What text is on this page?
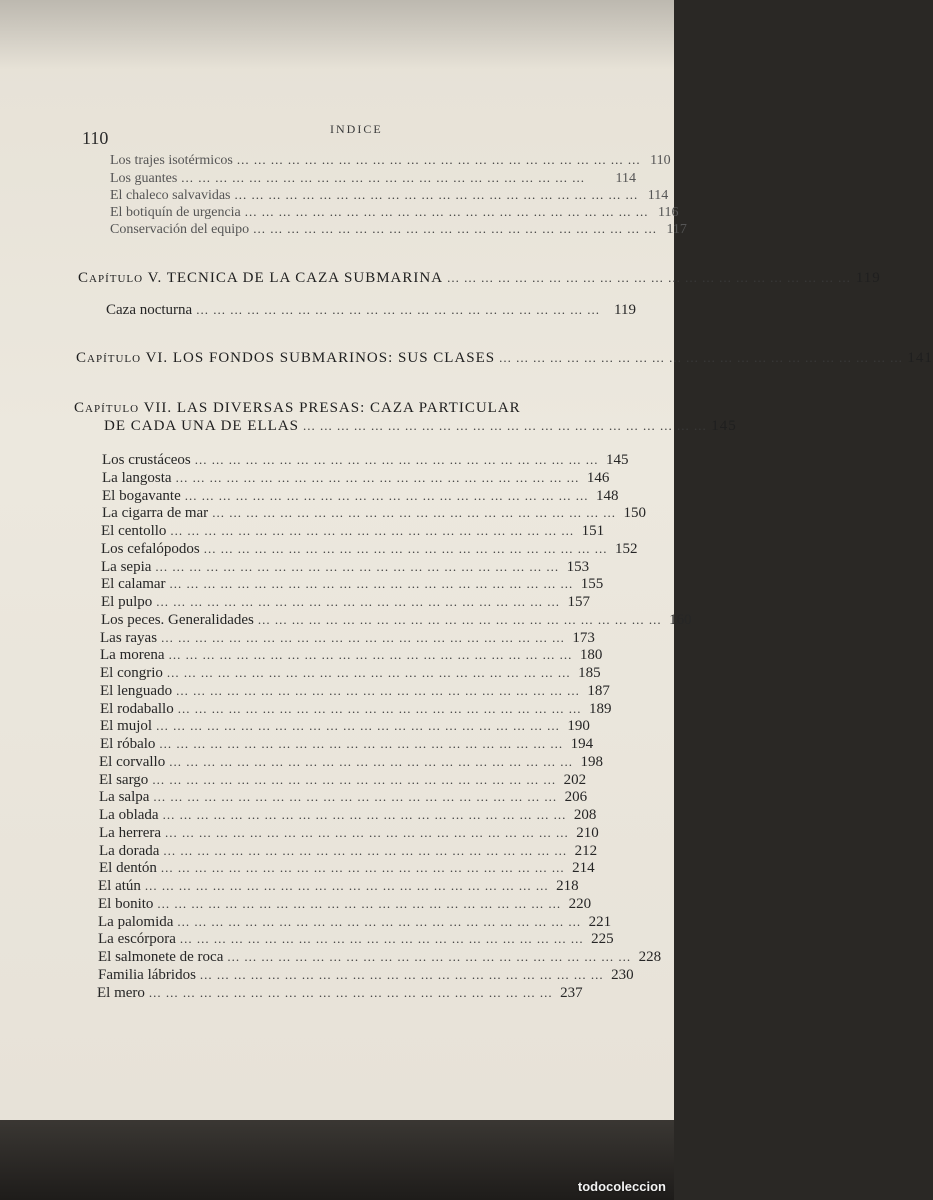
110	INDICE
Los trajes isotérmicos ... ... ... ... ... ... ... ... ... ... ... ... ... ... ... ... ... ... ... ... ... ... ... ... 110
Los guantes ... ... ... ... ... ... ... ... ... ... ... ... ... ... ... ... ... ... ... ... ... ... ... ...	114
El chaleco salvavidas ... ... ... ... ... ... ... ... ... ... ... ... ... ... ... ... ... ... ... ... ... ... ... ... 114
El botiquín de urgencia ... ... ... ... ... ... ... ... ... ... ... ... ... ... ... ... ... ... ... ... ... ... ... ... 116
Conservación del equipo ... ... ... ... ... ... ... ... ... ... ... ... ... ... ... ... ... ... ... ... ... ... ... ... 117
CAPÍTULO V. TECNICA DE LA CAZA SUBMARINA ... ... ... ... ... ... ... ... ... ... ... ... ... ... ... ... ... ... ... ... ... ... ... ... 119
Caza nocturna ... ... ... ... ... ... ... ... ... ... ... ... ... ... ... ... ... ... ... ... ... ... ... ... 119
CAPÍTULO VI. LOS FONDOS SUBMARINOS: SUS CLASES ... ... ... ... ... ... ... ... ... ... ... ... ... ... ... ... ... ... ... ... ... ... ... ... 141
CAPÍTULO VII. LAS DIVERSAS PRESAS: CAZA PARTICULAR
DE CADA UNA DE ELLAS ... ... ... ... ... ... ... ... ... ... ... ... ... ... ... ... ... ... ... ... ... ... ... ... 145
Los crustáceos ... ... ... ... ... ... ... ... ... ... ... ... ... ... ... ... ... ... ... ... ... ... ... ... 145
La langosta ... ... ... ... ... ... ... ... ... ... ... ... ... ... ... ... ... ... ... ... ... ... ... ... 146
El bogavante ... ... ... ... ... ... ... ... ... ... ... ... ... ... ... ... ... ... ... ... ... ... ... ... 148
La cigarra de mar ... ... ... ... ... ... ... ... ... ... ... ... ... ... ... ... ... ... ... ... ... ... ... ... 150
El centollo ... ... ... ... ... ... ... ... ... ... ... ... ... ... ... ... ... ... ... ... ... ... ... ... 151
Los cefalópodos ... ... ... ... ... ... ... ... ... ... ... ... ... ... ... ... ... ... ... ... ... ... ... ... 152
La sepia ... ... ... ... ... ... ... ... ... ... ... ... ... ... ... ... ... ... ... ... ... ... ... ... 153
El calamar ... ... ... ... ... ... ... ... ... ... ... ... ... ... ... ... ... ... ... ... ... ... ... ... 155
El pulpo ... ... ... ... ... ... ... ... ... ... ... ... ... ... ... ... ... ... ... ... ... ... ... ... 157
Los peces. Generalidades ... ... ... ... ... ... ... ... ... ... ... ... ... ... ... ... ... ... ... ... ... ... ... ... 160
Las rayas ... ... ... ... ... ... ... ... ... ... ... ... ... ... ... ... ... ... ... ... ... ... ... ... 173
La morena ... ... ... ... ... ... ... ... ... ... ... ... ... ... ... ... ... ... ... ... ... ... ... ... 180
El congrio ... ... ... ... ... ... ... ... ... ... ... ... ... ... ... ... ... ... ... ... ... ... ... ... 185
El lenguado ... ... ... ... ... ... ... ... ... ... ... ... ... ... ... ... ... ... ... ... ... ... ... ... 187
El rodaballo ... ... ... ... ... ... ... ... ... ... ... ... ... ... ... ... ... ... ... ... ... ... ... ... 189
El mujol ... ... ... ... ... ... ... ... ... ... ... ... ... ... ... ... ... ... ... ... ... ... ... ... 190
El róbalo ... ... ... ... ... ... ... ... ... ... ... ... ... ... ... ... ... ... ... ... ... ... ... ... 194
El corvallo ... ... ... ... ... ... ... ... ... ... ... ... ... ... ... ... ... ... ... ... ... ... ... ... 198
El sargo ... ... ... ... ... ... ... ... ... ... ... ... ... ... ... ... ... ... ... ... ... ... ... ... 202
La salpa ... ... ... ... ... ... ... ... ... ... ... ... ... ... ... ... ... ... ... ... ... ... ... ... 206
La oblada ... ... ... ... ... ... ... ... ... ... ... ... ... ... ... ... ... ... ... ... ... ... ... ... 208
La herrera ... ... ... ... ... ... ... ... ... ... ... ... ... ... ... ... ... ... ... ... ... ... ... ... 210
La dorada ... ... ... ... ... ... ... ... ... ... ... ... ... ... ... ... ... ... ... ... ... ... ... ... 212
El dentón ... ... ... ... ... ... ... ... ... ... ... ... ... ... ... ... ... ... ... ... ... ... ... ... 214
El atún ... ... ... ... ... ... ... ... ... ... ... ... ... ... ... ... ... ... ... ... ... ... ... ... 218
El bonito ... ... ... ... ... ... ... ... ... ... ... ... ... ... ... ... ... ... ... ... ... ... ... ... 220
La palomida ... ... ... ... ... ... ... ... ... ... ... ... ... ... ... ... ... ... ... ... ... ... ... ... 221
La escórpora ... ... ... ... ... ... ... ... ... ... ... ... ... ... ... ... ... ... ... ... ... ... ... ... 225
El salmonete de roca ... ... ... ... ... ... ... ... ... ... ... ... ... ... ... ... ... ... ... ... ... ... ... ... 228
Familia lábridos ... ... ... ... ... ... ... ... ... ... ... ... ... ... ... ... ... ... ... ... ... ... ... ... 230
El mero ... ... ... ... ... ... ... ... ... ... ... ... ... ... ... ... ... ... ... ... ... ... ... ... 237
todocoleccion
